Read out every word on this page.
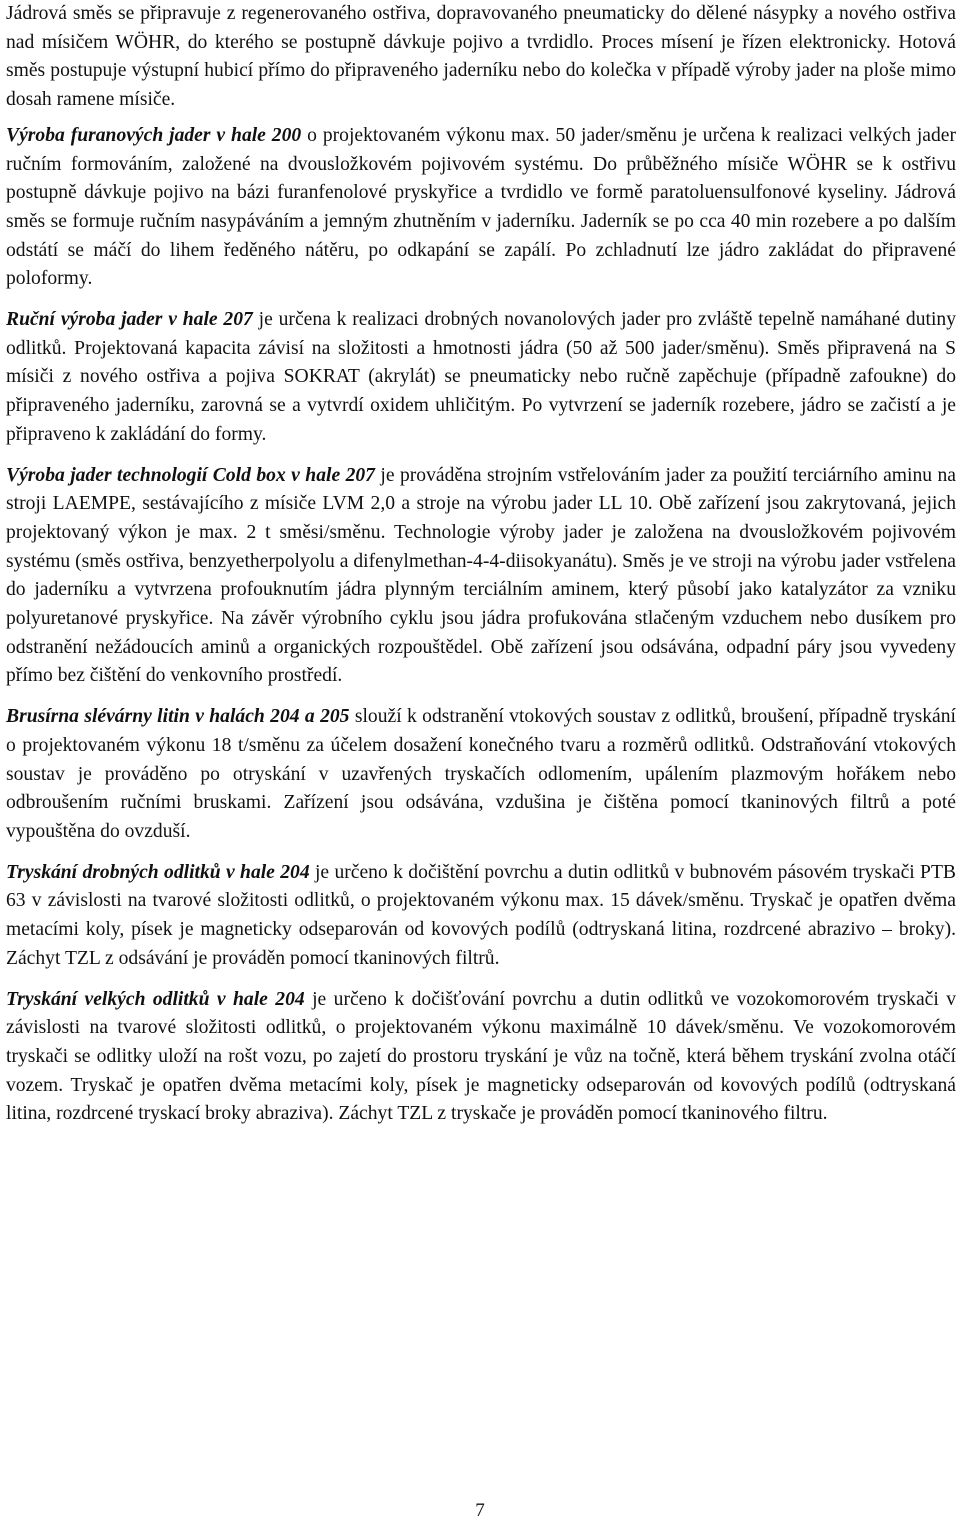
Jádrová směs se připravuje z regenerovaného ostřiva, dopravovaného pneumaticky do dělené násypky a nového ostřiva nad mísičem WÖHR, do kterého se postupně dávkuje pojivo a tvrdidlo. Proces mísení je řízen elektronicky. Hotová směs postupuje výstupní hubicí přímo do připraveného jaderníku nebo do kolečka v případě výroby jader na ploše mimo dosah ramene mísiče.

Výroba furanových jader v hale 200 o projektovaném výkonu max. 50 jader/směnu je určena k realizaci velkých jader ručním formováním, založené na dvousložkovém pojivovém systému. Do průběžného mísiče WÖHR se k ostřivu postupně dávkuje pojivo na bázi furanfenolové pryskyřice a tvrdidlo ve formě paratoluensulfonové kyseliny. Jádrová směs se formuje ručním nasypáváním a jemným zhutněním v jaderníku. Jaderník se po cca 40 min rozebere a po dalším odstátí se máčí do lihem ředěného nátěru, po odkapání se zapálí. Po zchladnutí lze jádro zakládat do připravené poloformy.

Ruční výroba jader v hale 207 je určena k realizaci drobných novanolových jader pro zvláště tepelně namáhané dutiny odlitků. Projektovaná kapacita závisí na složitosti a hmotnosti jádra (50 až 500 jader/směnu). Směs připravená na S mísiči z nového ostřiva a pojiva SOKRAT (akrylát) se pneumaticky nebo ručně zapěchuje (případně zafoukne) do připraveného jaderníku, zarovná se a vytvrdí oxidem uhličitým. Po vytvrzení se jaderník rozebere, jádro se začistí a je připraveno k zakládání do formy.

Výroba jader technologií Cold box v hale 207 je prováděna strojním vstřelováním jader za použití terciárního aminu na stroji LAEMPE, sestávajícího z mísiče LVM 2,0 a stroje na výrobu jader LL 10. Obě zařízení jsou zakrytovaná, jejich projektovaný výkon je max. 2 t směsi/směnu. Technologie výroby jader je založena na dvousložkovém pojivovém systému (směs ostřiva, benzyetherpolyolu a difenylmethan-4-4-diisokyanátu). Směs je ve stroji na výrobu jader vstřelena do jaderníku a vytvrzena profouknutím jádra plynným terciálním aminem, který působí jako katalyzátor za vzniku polyuretanové pryskyřice. Na závěr výrobního cyklu jsou jádra profukována stlačeným vzduchem nebo dusíkem pro odstranění nežádoucích aminů a organických rozpouštědel. Obě zařízení jsou odsávána, odpadní páry jsou vyvedeny přímo bez čištění do venkovního prostředí.

Brusírna slévárny litin v halách 204 a 205 slouží k odstranění vtokových soustav z odlitků, broušení, případně tryskání o projektovaném výkonu 18 t/směnu za účelem dosažení konečného tvaru a rozměrů odlitků. Odstraňování vtokových soustav je prováděno po otryskání v uzavřených tryskačích odlomením, upálením plazmovým hořákem nebo odbroušením ručními bruskami. Zařízení jsou odsávána, vzdušina je čištěna pomocí tkaninových filtrů a poté vypouštěna do ovzduší.

Tryskání drobných odlitků v hale 204 je určeno k dočištění povrchu a dutin odlitků v bubnovém pásovém tryskači PTB 63 v závislosti na tvarové složitosti odlitků, o projektovaném výkonu max. 15 dávek/směnu. Tryskač je opatřen dvěma metacími koly, písek je magneticky odseparován od kovových podílů (odtryskaná litina, rozdrcené abrazivo – broky). Záchyt TZL z odsávání je prováděn pomocí tkaninových filtrů.

Tryskání velkých odlitků v hale 204 je určeno k dočišťování povrchu a dutin odlitků ve vozokomorovém tryskači v závislosti na tvarové složitosti odlitků, o projektovaném výkonu maximálně 10 dávek/směnu. Ve vozokomorovém tryskači se odlitky uloží na rošt vozu, po zajetí do prostoru tryskání je vůz na točně, která během tryskání zvolna otáčí vozem. Tryskač je opatřen dvěma metacími koly, písek je magneticky odseparován od kovových podílů (odtryskaná litina, rozdrcené tryskací broky abraziva). Záchyt TZL z tryskače je prováděn pomocí tkaninového filtru.

7
